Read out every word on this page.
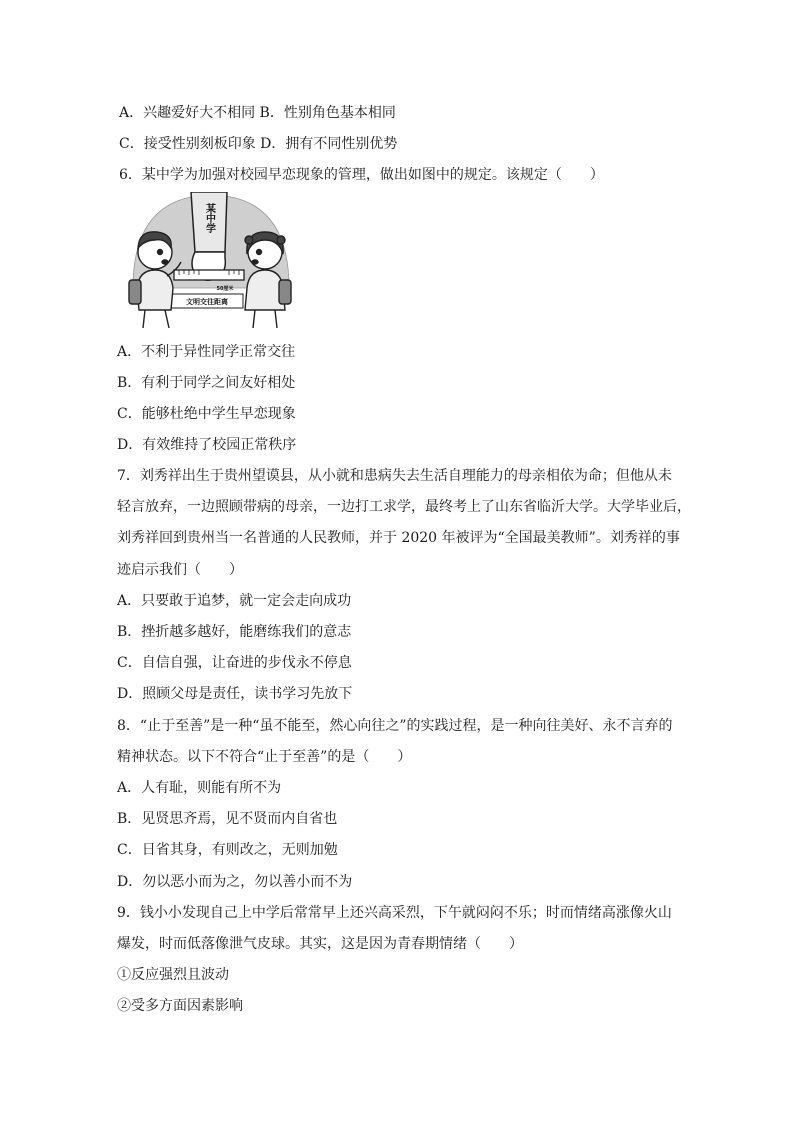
A．兴趣爱好大不相同 B．性别角色基本相同
C．接受性别刻板印象 D．拥有不同性别优势
6．某中学为加强对校园早恋现象的管理，做出如图中的规定。该规定（　　）
某中学
50厘米
文明交往距离
A．不利于异性同学正常交往
B．有利于同学之间友好相处
C．能够杜绝中学生早恋现象
D．有效维持了校园正常秩序
7．刘秀祥出生于贵州望谟县，从小就和患病失去生活自理能力的母亲相依为命；但他从未
轻言放弃，一边照顾带病的母亲，一边打工求学，最终考上了山东省临沂大学。大学毕业后，
刘秀祥回到贵州当一名普通的人民教师，并于 2020 年被评为“全国最美教师”。刘秀祥的事
迹启示我们（　　）
A．只要敢于追梦，就一定会走向成功
B．挫折越多越好，能磨练我们的意志
C．自信自强，让奋进的步伐永不停息
D．照顾父母是责任，读书学习先放下
8．“止于至善”是一种“虽不能至，然心向往之”的实践过程，是一种向往美好、永不言弃的
精神状态。以下不符合“止于至善”的是（　　）
A．人有耻，则能有所不为
B．见贤思齐焉，见不贤而内自省也
C．日省其身，有则改之，无则加勉
D．勿以恶小而为之，勿以善小而不为
9．钱小小发现自己上中学后常常早上还兴高采烈，下午就闷闷不乐；时而情绪高涨像火山
爆发，时而低落像泄气皮球。其实，这是因为青春期情绪（　　）
①反应强烈且波动
②受多方面因素影响
